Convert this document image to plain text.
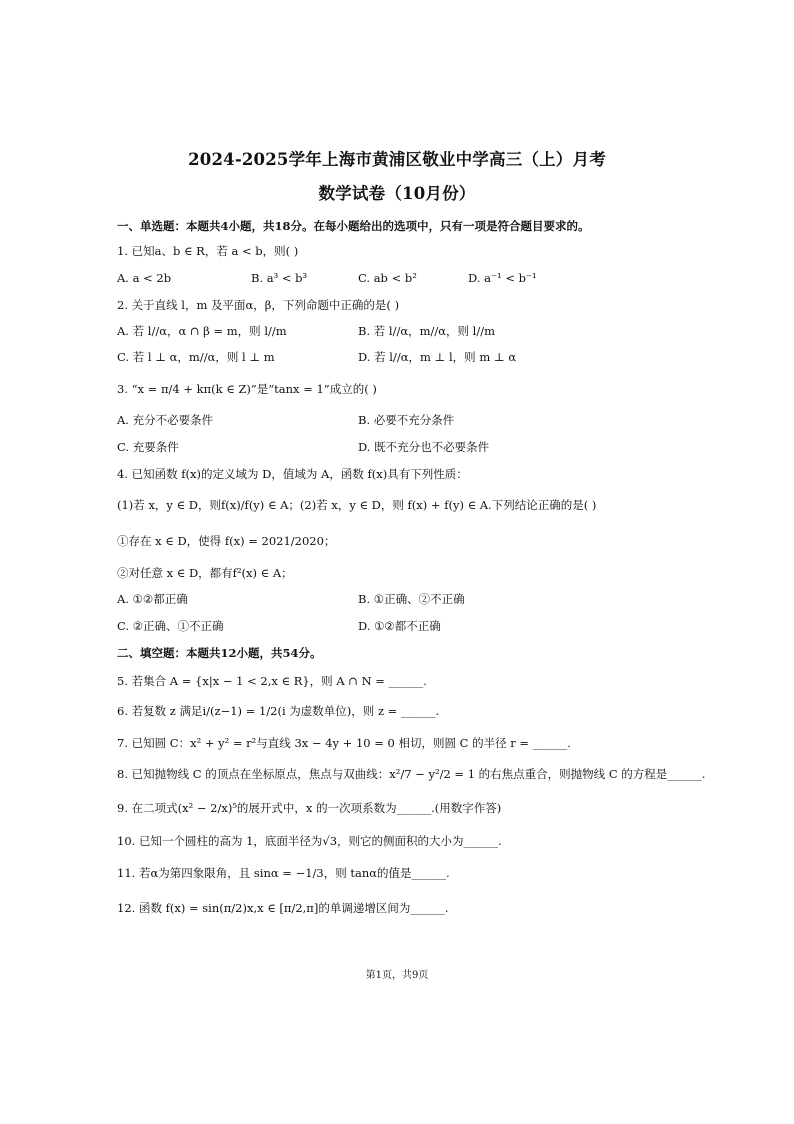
2024-2025学年上海市黄浦区敬业中学高三（上）月考
数学试卷（10月份）
一、单选题：本题共4小题，共18分。在每小题给出的选项中，只有一项是符合题目要求的。
1. 已知a、b ∈ R，若 a < b，则( )
A. a < 2b	B. a³ < b³	C. ab < b²	D. a⁻¹ < b⁻¹
2. 关于直线 l，m 及平面α，β，下列命题中正确的是( )
A. 若 l//α，α ∩ β = m，则 l//m	B. 若 l//α，m//α，则 l//m
C. 若 l ⊥ α，m//α，则 l ⊥ m	D. 若 l//α，m ⊥ l，则 m ⊥ α
3. “x = π/4 + kπ(k ∈ Z)”是“tanx = 1”成立的( )
A. 充分不必要条件	B. 必要不充分条件
C. 充要条件	D. 既不充分也不必要条件
4. 已知函数 f(x)的定义域为 D，值域为 A，函数 f(x)具有下列性质：
(1)若 x，y ∈ D，则f(x)/f(y) ∈ A；(2)若 x，y ∈ D，则 f(x) + f(y) ∈ A.下列结论正确的是( )
①存在 x ∈ D，使得 f(x) = 2021/2020；
②对任意 x ∈ D，都有f²(x) ∈ A；
A. ①②都正确	B. ①正确、②不正确
C. ②正确、①不正确	D. ①②都不正确
二、填空题：本题共12小题，共54分。
5. 若集合 A = {x|x − 1 < 2,x ∈ R}，则 A ∩ N = ______.
6. 若复数 z 满足i/(z−1) = 1/2(i 为虚数单位)，则 z = ______.
7. 已知圆 C：x² + y² = r²与直线 3x − 4y + 10 = 0 相切，则圆 C 的半径 r = ______.
8. 已知抛物线 C 的顶点在坐标原点，焦点与双曲线：x²/7 − y²/2 = 1 的右焦点重合，则抛物线 C 的方程是______.
9. 在二项式(x² − 2/x)⁵的展开式中，x 的一次项系数为______.(用数字作答)
10. 已知一个圆柱的高为 1，底面半径为√3，则它的侧面积的大小为______.
11. 若α为第四象限角，且 sinα = −1/3，则 tanα的值是______.
12. 函数 f(x) = sin(π/2)x,x ∈ [π/2,π]的单调递增区间为______.
第1页，共9页
